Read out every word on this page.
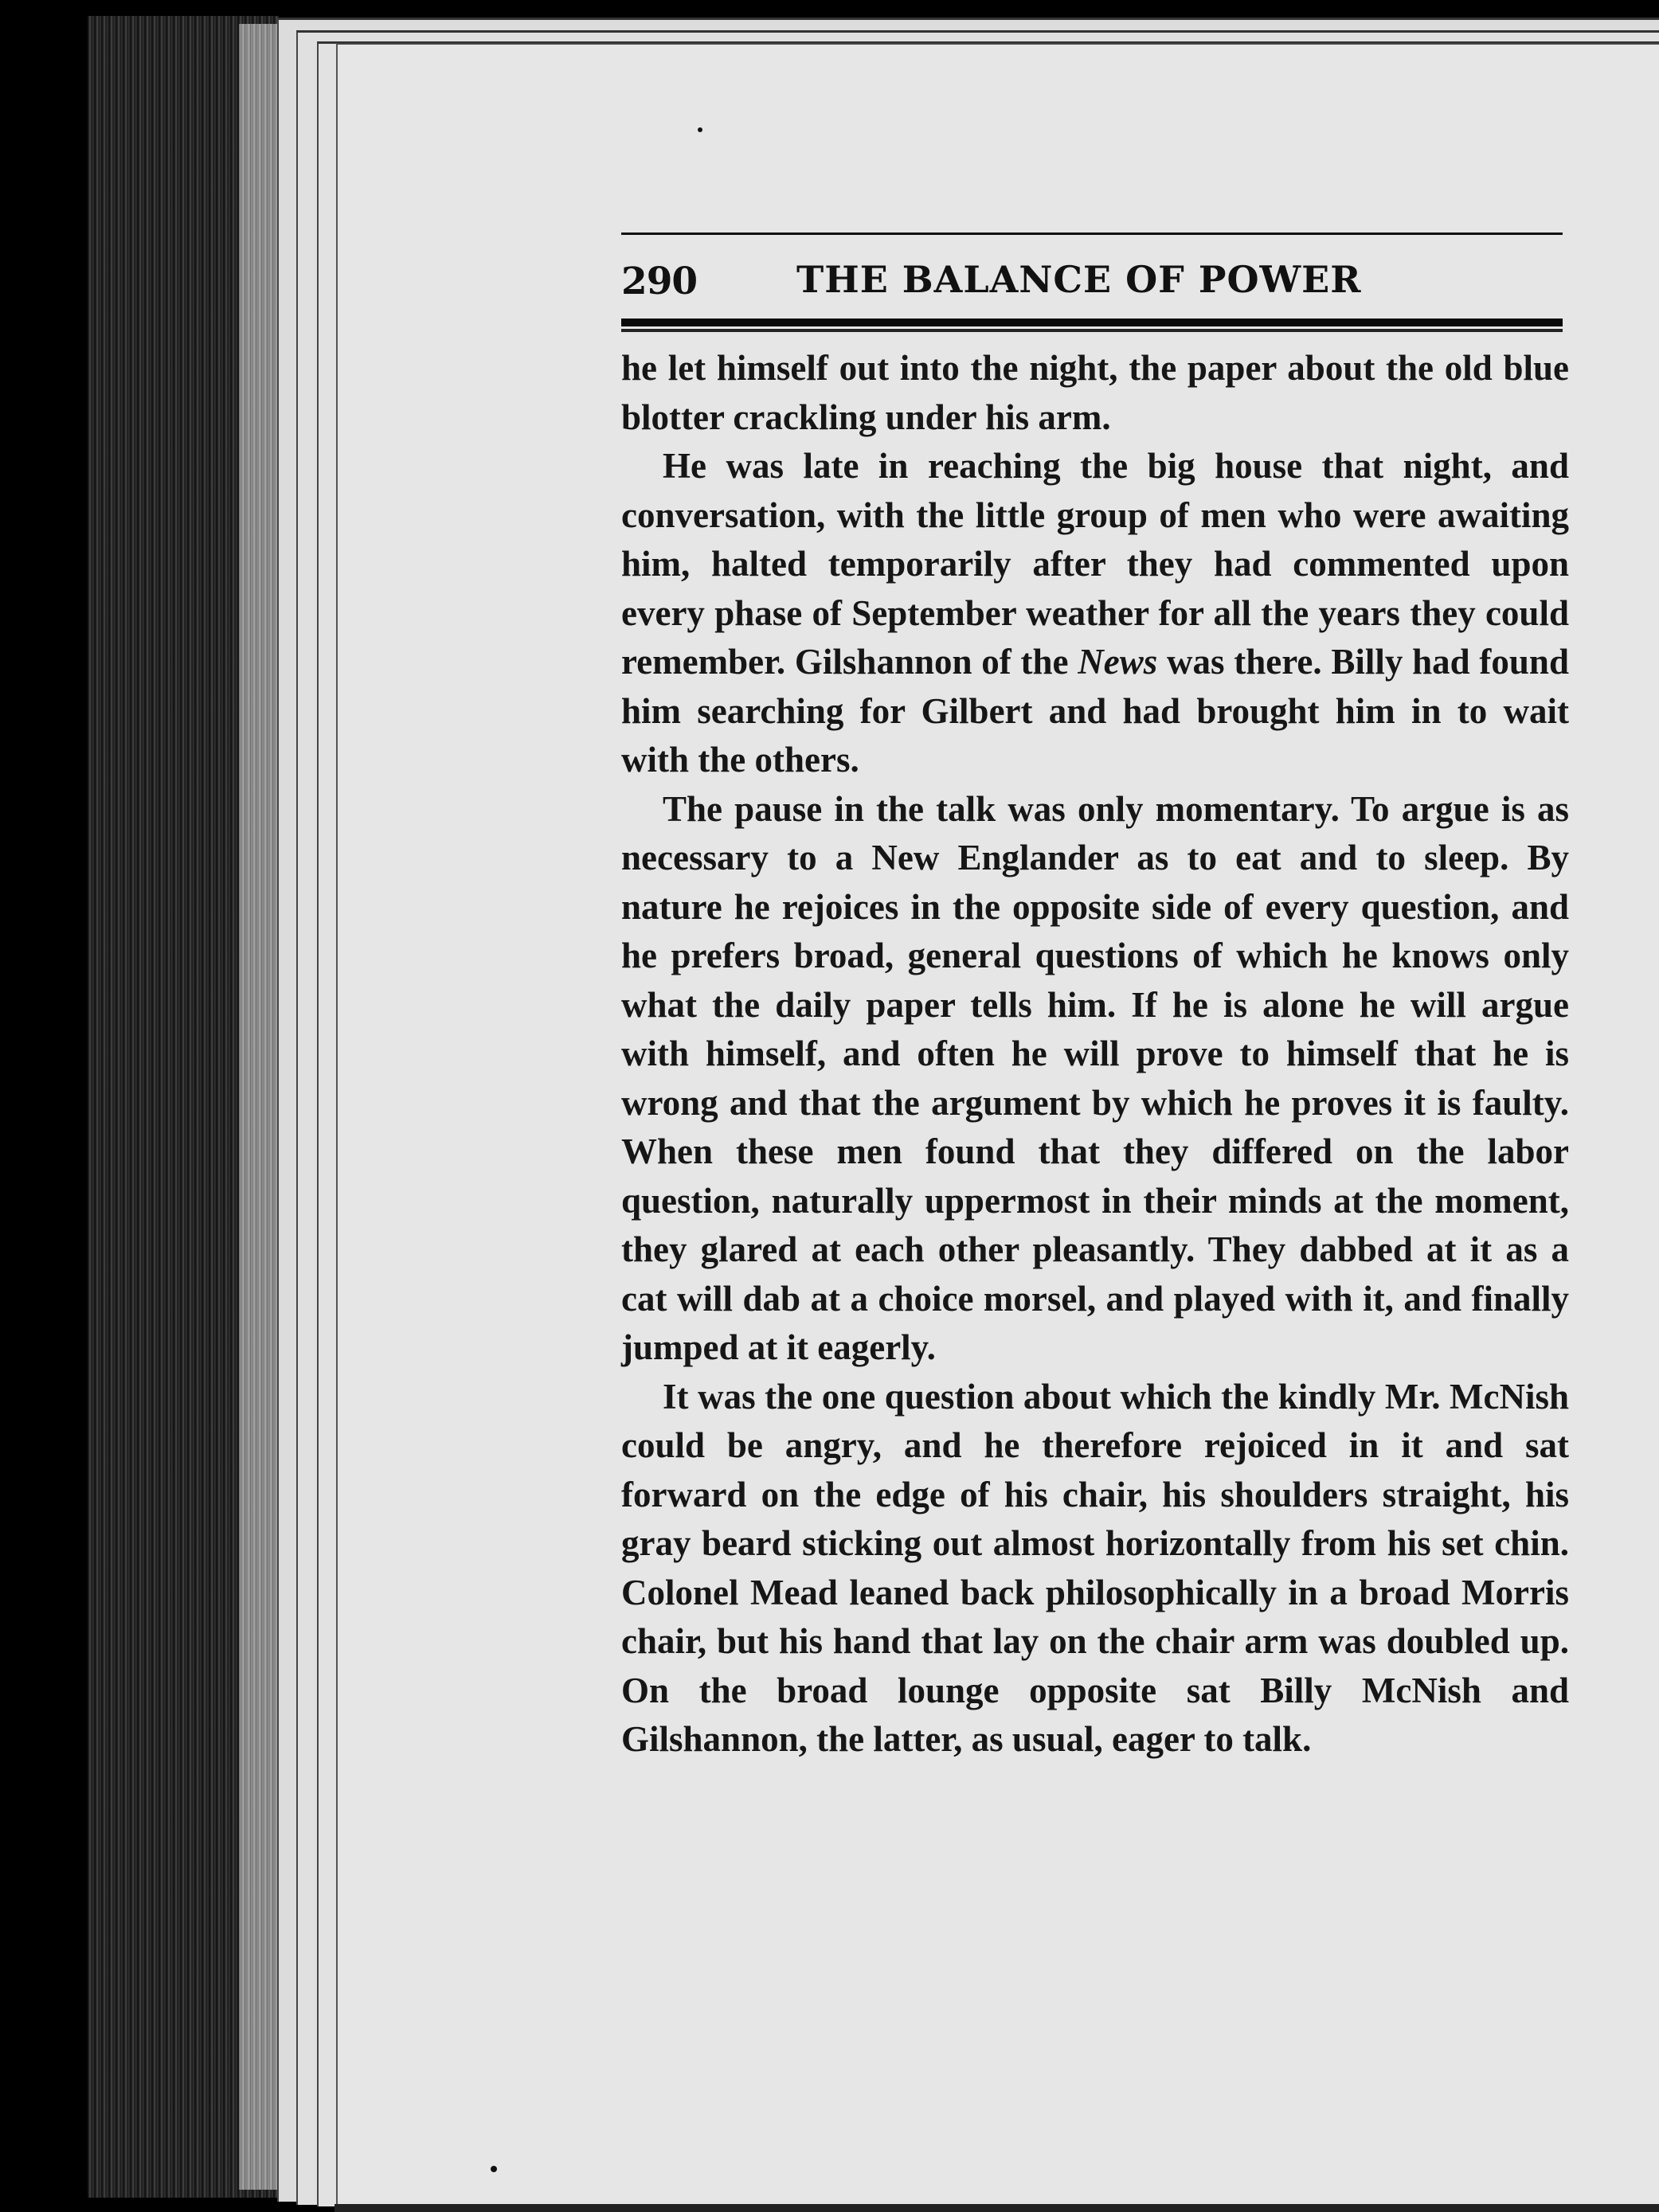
290	THE BALANCE OF POWER

he let himself out into the night, the paper about the old blue blotter crackling under his arm.

He was late in reaching the big house that night, and conversation, with the little group of men who were awaiting him, halted temporarily after they had commented upon every phase of September weather for all the years they could remember. Gilshannon of the News was there. Billy had found him searching for Gilbert and had brought him in to wait with the others.

The pause in the talk was only momentary. To argue is as necessary to a New Englander as to eat and to sleep. By nature he rejoices in the opposite side of every question, and he prefers broad, general questions of which he knows only what the daily paper tells him. If he is alone he will argue with himself, and often he will prove to himself that he is wrong and that the argument by which he proves it is faulty. When these men found that they differed on the labor question, naturally uppermost in their minds at the moment, they glared at each other pleasantly. They dabbed at it as a cat will dab at a choice morsel, and played with it, and finally jumped at it eagerly.

It was the one question about which the kindly Mr. McNish could be angry, and he therefore rejoiced in it and sat forward on the edge of his chair, his shoulders straight, his gray beard sticking out almost horizontally from his set chin. Colonel Mead leaned back philosophically in a broad Morris chair, but his hand that lay on the chair arm was doubled up. On the broad lounge opposite sat Billy McNish and Gilshannon, the latter, as usual, eager to talk.
